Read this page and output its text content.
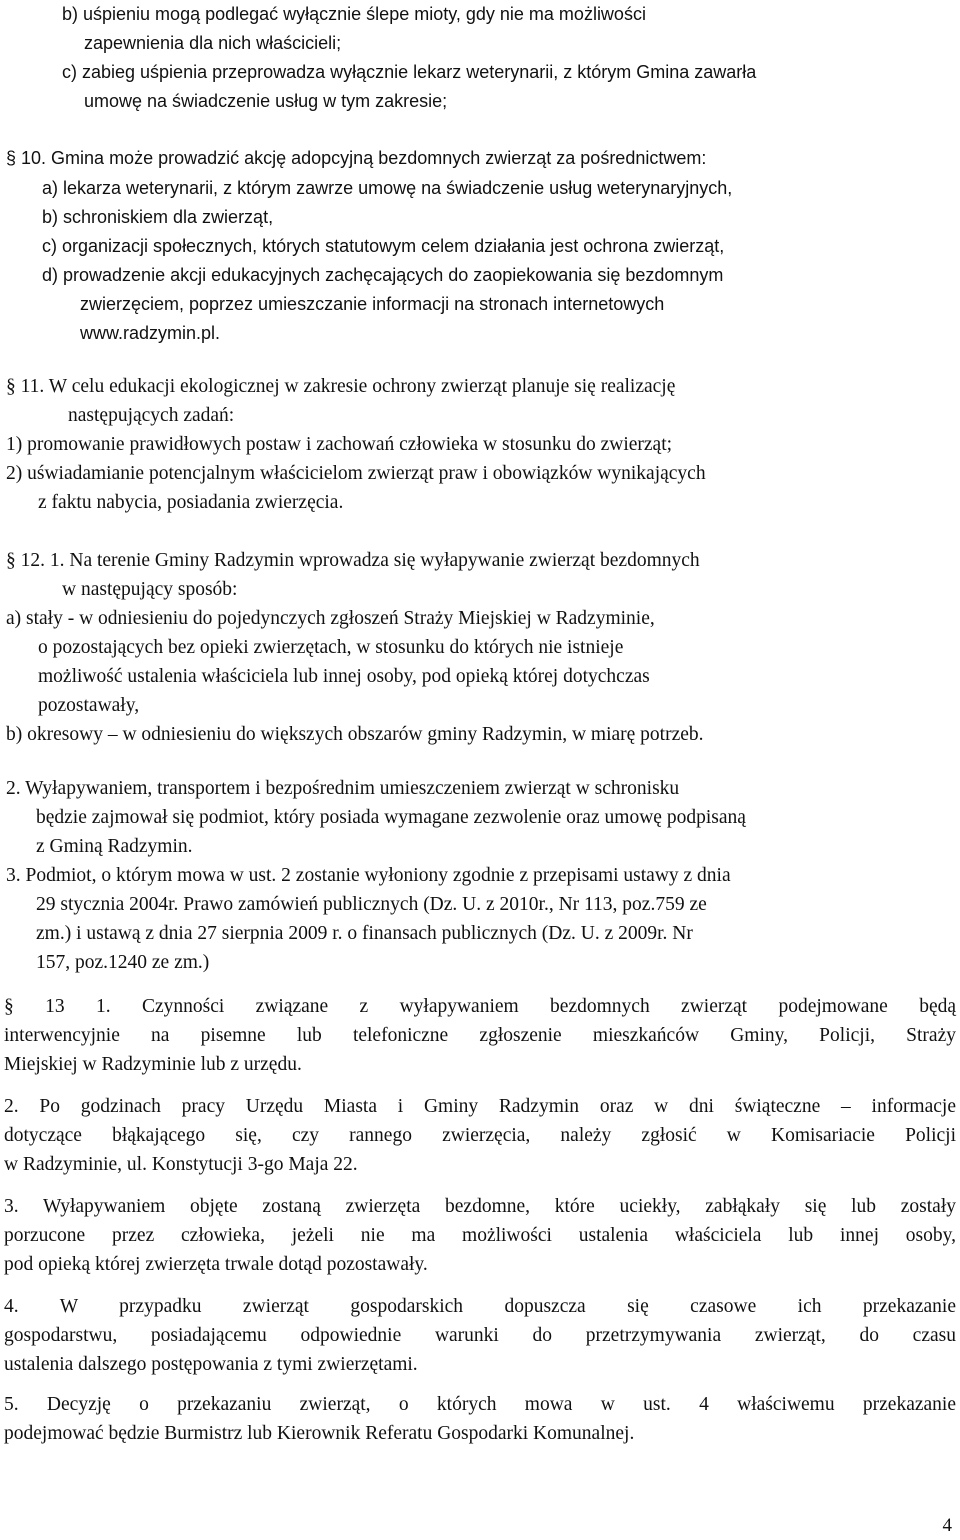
b) uśpieniu mogą podlegać wyłącznie ślepe mioty, gdy nie ma możliwości
zapewnienia dla nich właścicieli;
c) zabieg uśpienia przeprowadza wyłącznie lekarz weterynarii, z którym Gmina zawarła
umowę na świadczenie usług w tym zakresie;
§ 10. Gmina może prowadzić akcję adopcyjną bezdomnych zwierząt za pośrednictwem:
a) lekarza weterynarii, z którym zawrze umowę na świadczenie usług weterynaryjnych,
b) schroniskiem dla zwierząt,
c) organizacji społecznych, których statutowym celem działania jest ochrona zwierząt,
d) prowadzenie akcji edukacyjnych zachęcających do zaopiekowania się bezdomnym
zwierzęciem, poprzez umieszczanie informacji na stronach internetowych
www.radzymin.pl.
§ 11. W celu edukacji ekologicznej w zakresie ochrony zwierząt planuje się realizację
następujących zadań:
1) promowanie prawidłowych postaw i zachowań człowieka w stosunku do zwierząt;
2) uświadamianie potencjalnym właścicielom zwierząt praw i obowiązków wynikających
z faktu nabycia, posiadania zwierzęcia.
§ 12. 1. Na terenie Gminy Radzymin wprowadza się wyłapywanie zwierząt bezdomnych
w następujący sposób:
a) stały - w odniesieniu do pojedynczych zgłoszeń Straży Miejskiej w Radzyminie,
o pozostających bez opieki zwierzętach, w stosunku do których nie istnieje
możliwość ustalenia właściciela lub innej osoby, pod opieką której dotychczas
pozostawały,
b) okresowy – w odniesieniu do większych obszarów gminy Radzymin, w miarę potrzeb.
2. Wyłapywaniem, transportem i bezpośrednim umieszczeniem zwierząt w schronisku
będzie zajmował się podmiot, który posiada wymagane zezwolenie oraz umowę podpisaną
z Gminą Radzymin.
3. Podmiot, o którym mowa w ust. 2 zostanie wyłoniony zgodnie z przepisami ustawy z dnia
29 stycznia 2004r. Prawo zamówień publicznych (Dz. U. z 2010r., Nr 113, poz.759 ze
zm.) i ustawą z dnia 27 sierpnia 2009 r. o finansach publicznych (Dz. U. z 2009r. Nr
157, poz.1240 ze zm.)
§ 13 1. Czynności związane z wyłapywaniem bezdomnych zwierząt podejmowane będą
interwencyjnie na pisemne lub telefoniczne zgłoszenie mieszkańców Gminy, Policji, Straży
Miejskiej w Radzyminie lub z urzędu.
2. Po godzinach pracy Urzędu Miasta i Gminy Radzymin oraz w dni świąteczne – informacje
dotyczące błąkającego się, czy rannego zwierzęcia, należy zgłosić w Komisariacie Policji
w Radzyminie, ul. Konstytucji 3-go Maja 22.
3. Wyłapywaniem objęte zostaną zwierzęta bezdomne, które uciekły, zabłąkały się lub zostały
porzucone przez człowieka, jeżeli nie ma możliwości ustalenia właściciela lub innej osoby,
pod opieką której zwierzęta trwale dotąd pozostawały.
4. W przypadku zwierząt gospodarskich dopuszcza się czasowe ich przekazanie
gospodarstwu, posiadającemu odpowiednie warunki do przetrzymywania zwierząt, do czasu
ustalenia dalszego postępowania z tymi zwierzętami.
5. Decyzję o przekazaniu zwierząt, o których mowa w ust. 4 właściwemu przekazanie
podejmować będzie Burmistrz lub Kierownik Referatu Gospodarki Komunalnej.
4
